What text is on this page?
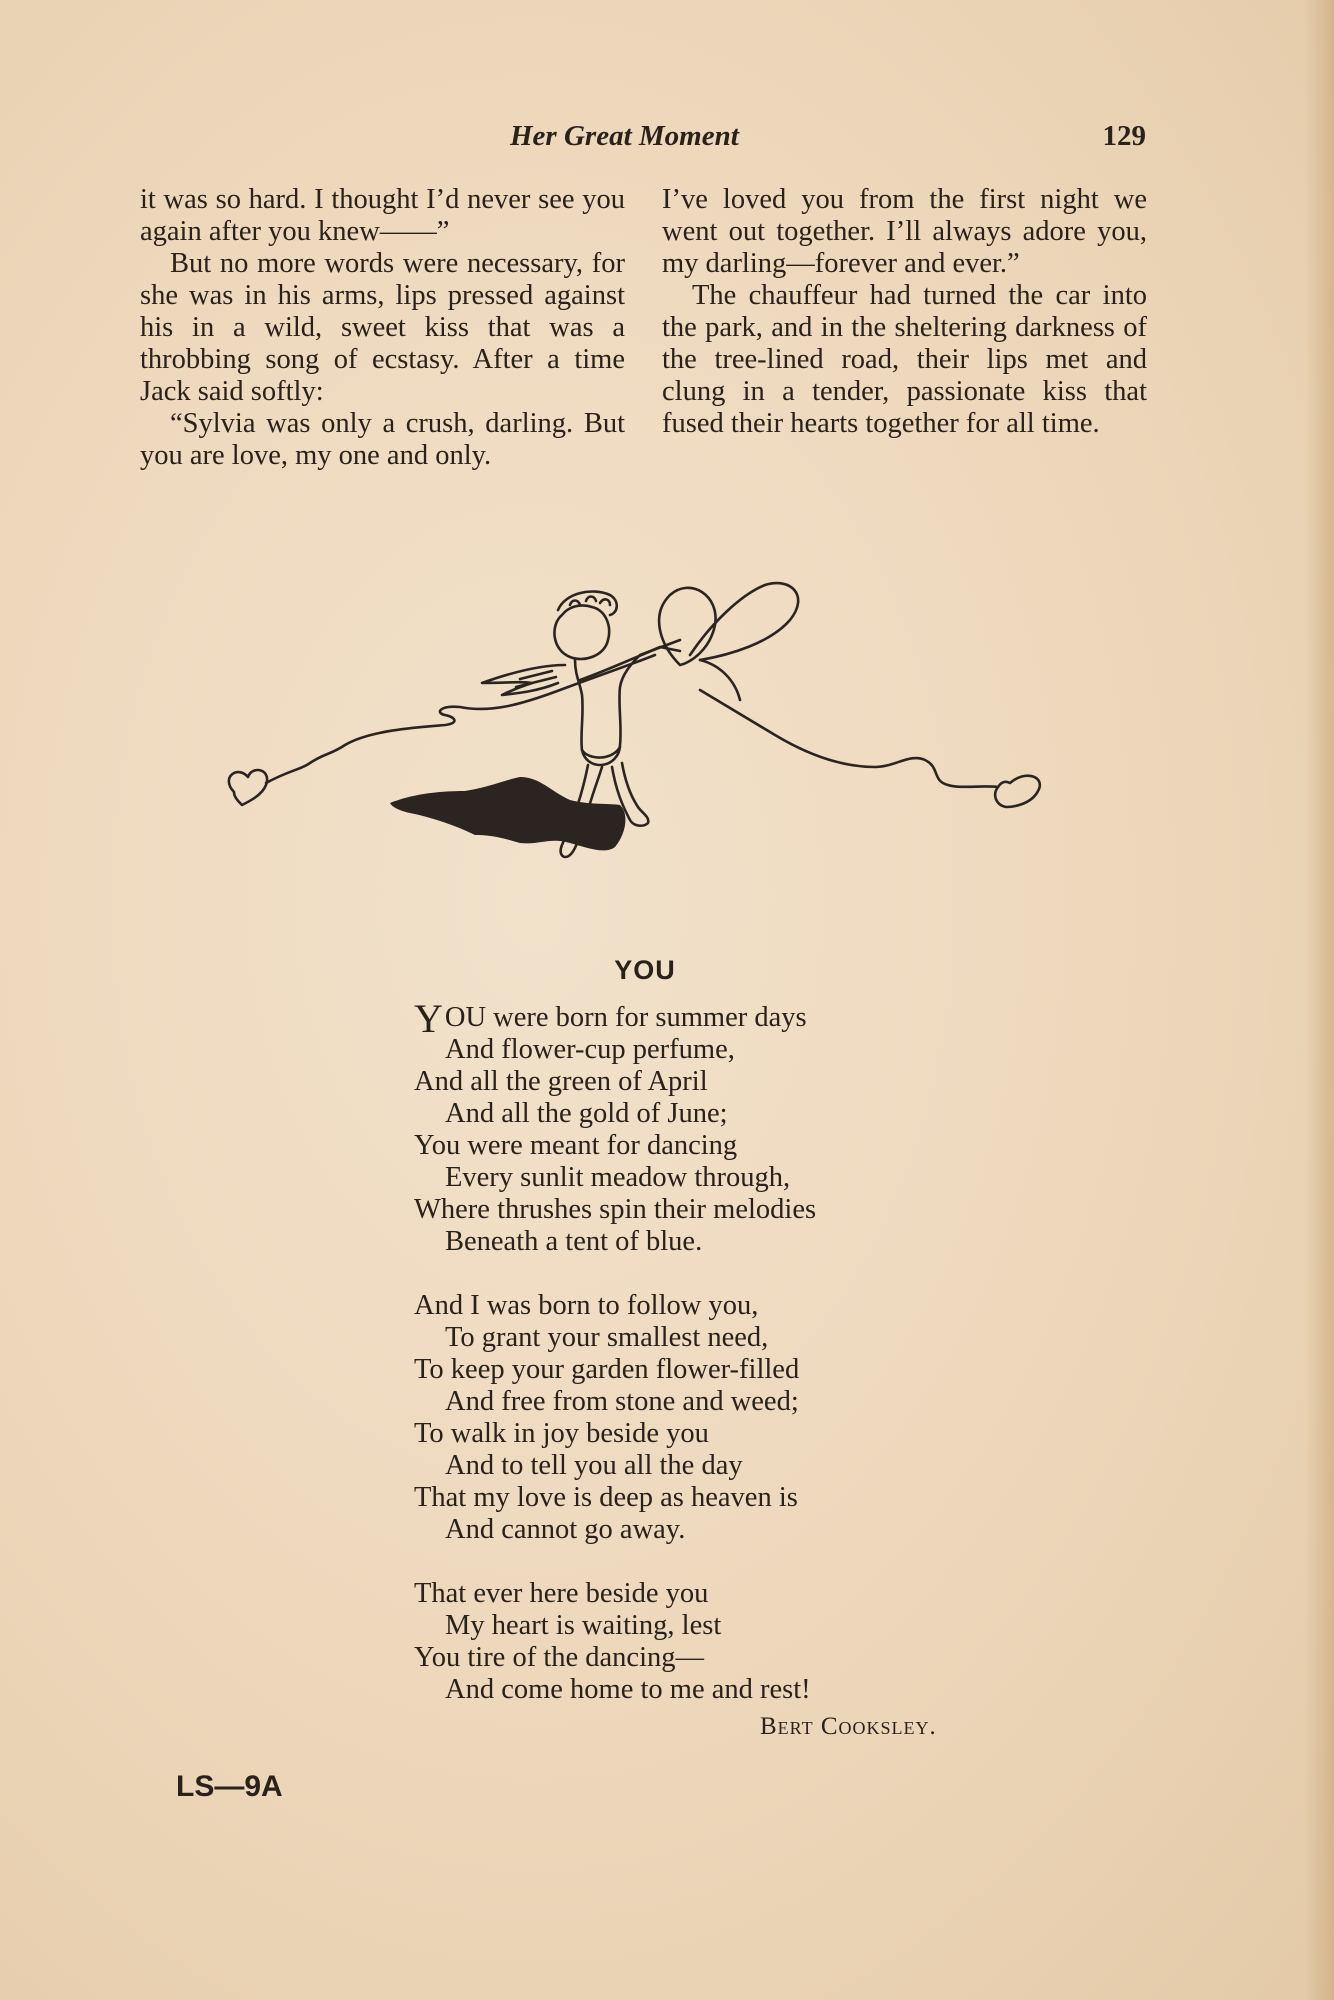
Her Great Moment	129

it was so hard. I thought I’d never see you again after you knew——”

But no more words were necessary, for she was in his arms, lips pressed against his in a wild, sweet kiss that was a throbbing song of ecstasy. After a time Jack said softly:

“Sylvia was only a crush, darling. But you are love, my one and only.

I’ve loved you from the first night we went out together. I’ll always adore you, my darling—forever and ever.”

The chauffeur had turned the car into the park, and in the sheltering darkness of the tree-lined road, their lips met and clung in a tender, passionate kiss that fused their hearts together for all time.

YOU
YOU were born for summer days
And flower-cup perfume,
And all the green of April
And all the gold of June;
You were meant for dancing
Every sunlit meadow through,
Where thrushes spin their melodies
Beneath a tent of blue.
And I was born to follow you,
To grant your smallest need,
To keep your garden flower-filled
And free from stone and weed;
To walk in joy beside you
And to tell you all the day
That my love is deep as heaven is
And cannot go away.
That ever here beside you
My heart is waiting, lest
You tire of the dancing—
And come home to me and rest!
Bert Cooksley.
LS—9A
